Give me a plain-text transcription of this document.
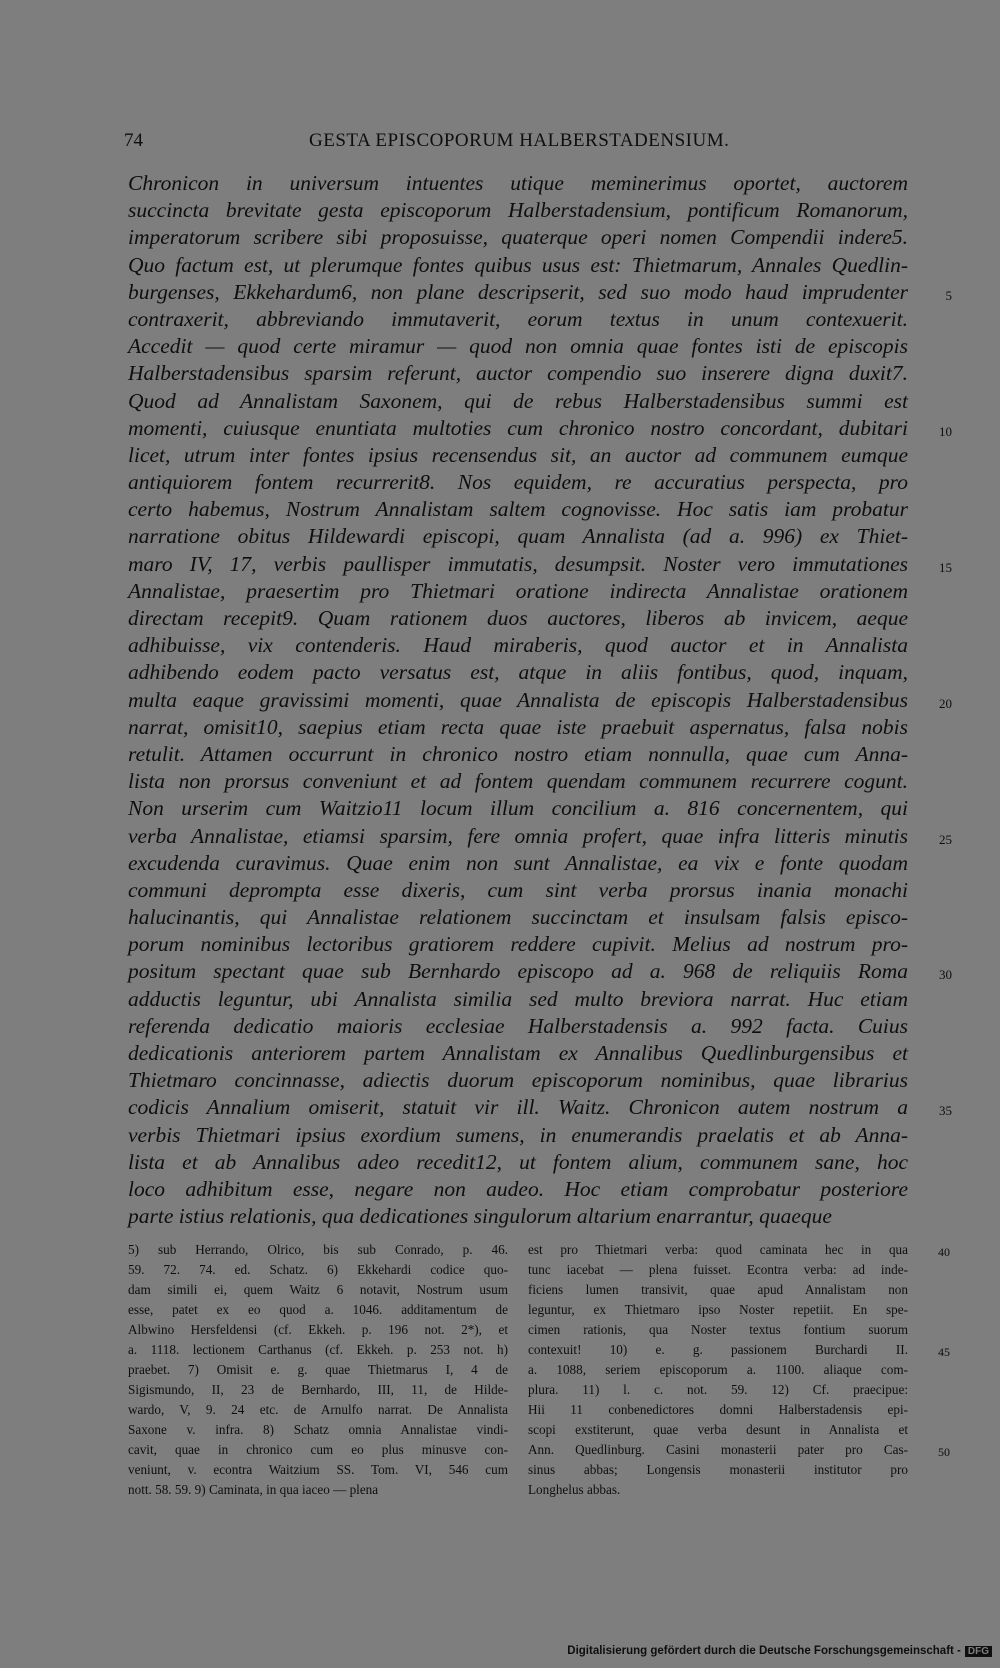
74	GESTA EPISCOPORUM HALBERSTADENSIUM.
Chronicon in universum intuentes utique meminerimus oportet, auctorem
succincta brevitate gesta episcoporum Halberstadensium, pontificum Romanorum,
imperatorum scribere sibi proposuisse, quaterque operi nomen Compendii indere5.
Quo factum est, ut plerumque fontes quibus usus est: Thietmarum, Annales Quedlin-
burgenses, Ekkehardum6, non plane descripserit, sed suo modo haud imprudenter	5
contraxerit, abbreviando immutaverit, eorum textus in unum contexuerit.
Accedit — quod certe miramur — quod non omnia quae fontes isti de episcopis
Halberstadensibus sparsim referunt, auctor compendio suo inserere digna duxit7.
Quod ad Annalistam Saxonem, qui de rebus Halberstadensibus summi est
momenti, cuiusque enuntiata multoties cum chronico nostro concordant, dubitari 10
licet, utrum inter fontes ipsius recensendus sit, an auctor ad communem eumque
antiquiorem fontem recurrerit8. Nos equidem, re accuratius perspecta, pro
certo habemus, Nostrum Annalistam saltem cognovisse. Hoc satis iam probatur
narratione obitus Hildewardi episcopi, quam Annalista (ad a. 996) ex Thiet-
maro IV, 17, verbis paullisper immutatis, desumpsit. Noster vero immutationes 15
Annalistae, praesertim pro Thietmari oratione indirecta Annalistae orationem
directam recepit9. Quam rationem duos auctores, liberos ab invicem, aeque
adhibuisse, vix contenderis. Haud miraberis, quod auctor et in Annalista
adhibendo eodem pacto versatus est, atque in aliis fontibus, quod, inquam,
multa eaque gravissimi momenti, quae Annalista de episcopis Halberstadensibus 20
narrat, omisit10, saepius etiam recta quae iste praebuit aspernatus, falsa nobis
retulit. Attamen occurrunt in chronico nostro etiam nonnulla, quae cum Anna-
lista non prorsus conveniunt et ad fontem quendam communem recurrere cogunt.
Non urserim cum Waitzio11 locum illum concilium a. 816 concernentem, qui
verba Annalistae, etiamsi sparsim, fere omnia profert, quae infra litteris minutis 25
excudenda curavimus. Quae enim non sunt Annalistae, ea vix e fonte quodam
communi deprompta esse dixeris, cum sint verba prorsus inania monachi
halucinantis, qui Annalistae relationem succinctam et insulsam falsis episco-
porum nominibus lectoribus gratiorem reddere cupivit. Melius ad nostrum pro-
positum spectant quae sub Bernhardo episcopo ad a. 968 de reliquiis Roma 30
adductis leguntur, ubi Annalista similia sed multo breviora narrat. Huc etiam
referenda dedicatio maioris ecclesiae Halberstadensis a. 992 facta. Cuius
dedicationis anteriorem partem Annalistam ex Annalibus Quedlinburgensibus et
Thietmaro concinnasse, adiectis duorum episcoporum nominibus, quae librarius
codicis Annalium omiserit, statuit vir ill. Waitz. Chronicon autem nostrum a 35
verbis Thietmari ipsius exordium sumens, in enumerandis praelatis et ab Anna-
lista et ab Annalibus adeo recedit12, ut fontem alium, communem sane, hoc
loco adhibitum esse, negare non audeo. Hoc etiam comprobatur posteriore
parte istius relationis, qua dedicationes singulorum altarium enarrantur, quaeque
5) sub Herrando, Olrico, bis sub Conrado, p. 46.
59. 72. 74. ed. Schatz. 6) Ekkehardi codice quo-
dam simili ei, quem Waitz 6 notavit, Nostrum usum
esse, patet ex eo quod a. 1046. additamentum de
Albwino Hersfeldensi (cf. Ekkeh. p. 196 not. 2*), et
a. 1118. lectionem Carthanus (cf. Ekkeh. p. 253 not. h)
praebet. 7) Omisit e. g. quae Thietmarus I, 4 de
Sigismundo, II, 23 de Bernhardo, III, 11, de Hilde-
wardo, V, 9. 24 etc. de Arnulfo narrat. De Annalista
Saxone v. infra. 8) Schatz omnia Annalistae vindi-
cavit, quae in chronico cum eo plus minusve con-
veniunt, v. econtra Waitzium SS. Tom. VI, 546 cum
nott. 58. 59. 9) Caminata, in qua iaceo — plena
est pro Thietmari verba: quod caminata hec in qua	40
tunc iacebat — plena fuisset. Econtra verba: ad inde-
ficiens lumen transivit, quae apud Annalistam non
leguntur, ex Thietmaro ipso Noster repetiit. En spe-
cimen rationis, qua Noster textus fontium suorum
contexuit! 10) e. g. passionem Burchardi II.	45
a. 1088, seriem episcoporum a. 1100. aliaque com-
plura. 11) l. c. not. 59. 12) Cf. praecipue:
Hii 11 conbenedictores domni Halberstadensis epi-
scopi exstiterunt, quae verba desunt in Annalista et
Ann. Quedlinburg. Casini monasterii pater pro Cas-	50
sinus abbas; Longensis monasterii institutor pro
Longhelus abbas.
Digitalisierung gefördert durch die Deutsche Forschungsgemeinschaft - DFG
